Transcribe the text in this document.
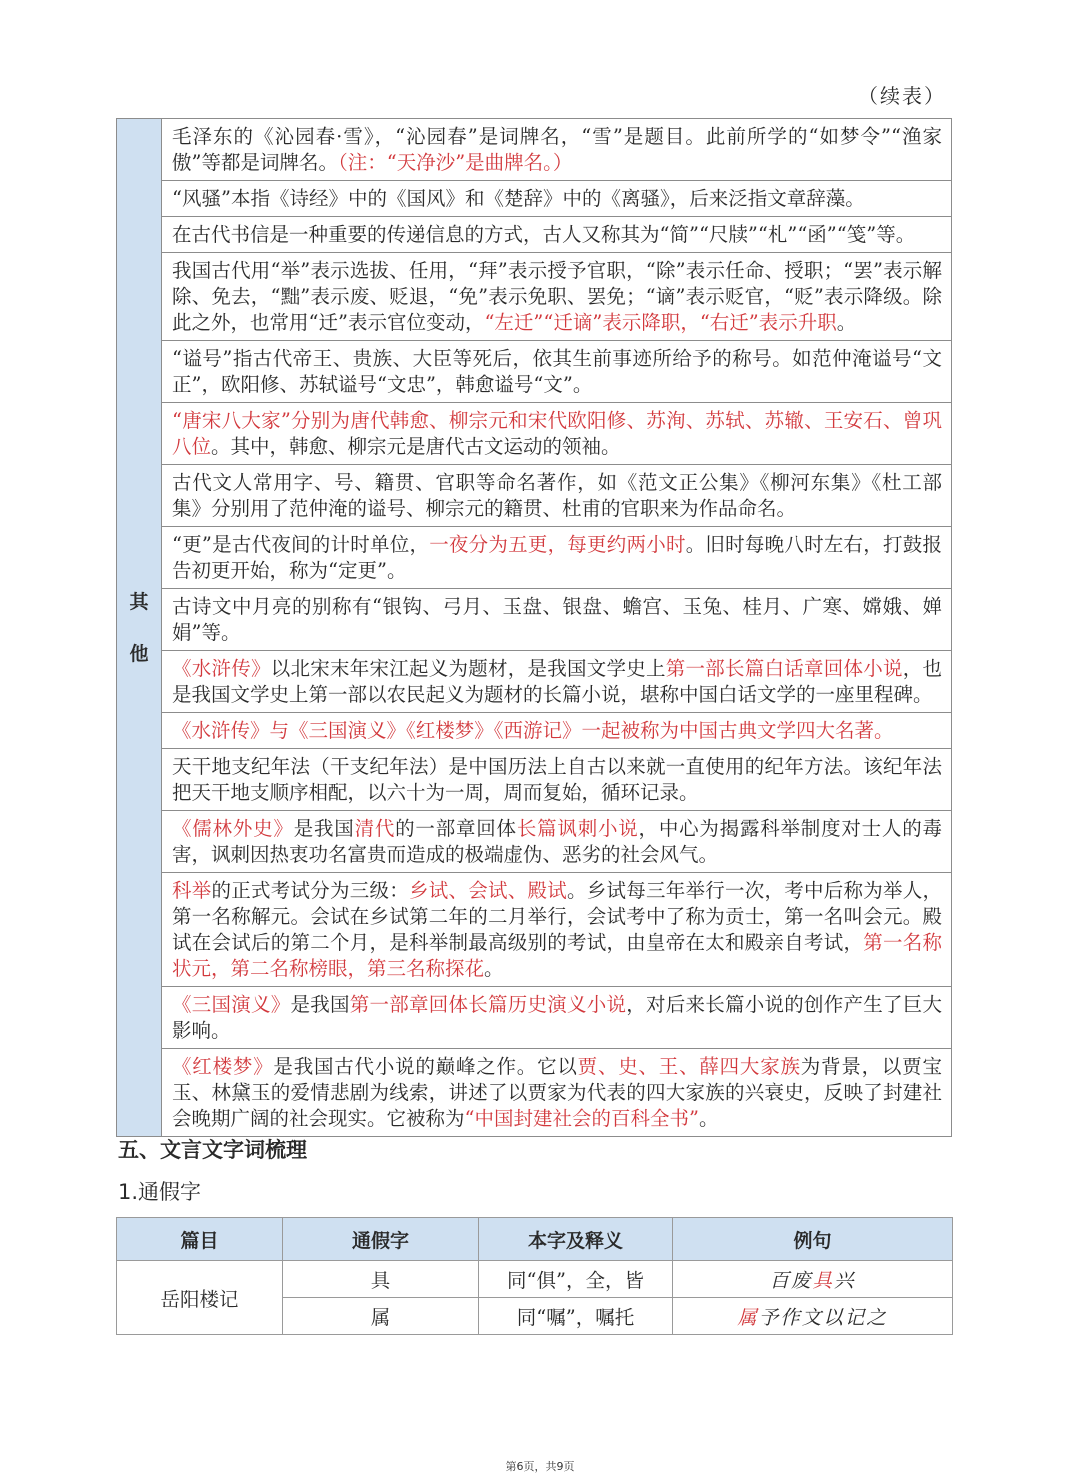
（续表）
其
他
	毛泽东的《沁园春·雪》，“沁园春”是词牌名，“雪”是题目。此前所学的“如梦令”“渔家傲”等都是词牌名。（注：“天净沙”是曲牌名。）
“风骚”本指《诗经》中的《国风》和《楚辞》中的《离骚》，后来泛指文章辞藻。
在古代书信是一种重要的传递信息的方式，古人又称其为“简”“尺牍”“札”“函”“笺”等。
我国古代用“举”表示选拔、任用，“拜”表示授予官职，“除”表示任命、授职；“罢”表示解除、免去，“黜”表示废、贬退，“免”表示免职、罢免；“谪”表示贬官，“贬”表示降级。除此之外，也常用“迁”表示官位变动，“左迁”“迁谪”表示降职，“右迁”表示升职。
“谥号”指古代帝王、贵族、大臣等死后，依其生前事迹所给予的称号。如范仲淹谥号“文正”，欧阳修、苏轼谥号“文忠”，韩愈谥号“文”。
“唐宋八大家”分别为唐代韩愈、柳宗元和宋代欧阳修、苏洵、苏轼、苏辙、王安石、曾巩八位。其中，韩愈、柳宗元是唐代古文运动的领袖。
古代文人常用字、号、籍贯、官职等命名著作，如《范文正公集》《柳河东集》《杜工部集》分别用了范仲淹的谥号、柳宗元的籍贯、杜甫的官职来为作品命名。
“更”是古代夜间的计时单位，一夜分为五更，每更约两小时。旧时每晚八时左右，打鼓报告初更开始，称为“定更”。
古诗文中月亮的别称有“银钩、弓月、玉盘、银盘、蟾宫、玉兔、桂月、广寒、嫦娥、婵娟”等。
《水浒传》以北宋末年宋江起义为题材，是我国文学史上第一部长篇白话章回体小说，也是我国文学史上第一部以农民起义为题材的长篇小说，堪称中国白话文学的一座里程碑。
《水浒传》与《三国演义》《红楼梦》《西游记》一起被称为中国古典文学四大名著。
天干地支纪年法（干支纪年法）是中国历法上自古以来就一直使用的纪年方法。该纪年法把天干地支顺序相配，以六十为一周，周而复始，循环记录。
《儒林外史》是我国清代的一部章回体长篇讽刺小说，中心为揭露科举制度对士人的毒害，讽刺因热衷功名富贵而造成的极端虚伪、恶劣的社会风气。
科举的正式考试分为三级：乡试、会试、殿试。乡试每三年举行一次，考中后称为举人，第一名称解元。会试在乡试第二年的二月举行，会试考中了称为贡士，第一名叫会元。殿试在会试后的第二个月，是科举制最高级别的考试，由皇帝在太和殿亲自考试，第一名称状元，第二名称榜眼，第三名称探花。
《三国演义》是我国第一部章回体长篇历史演义小说，对后来长篇小说的创作产生了巨大影响。
《红楼梦》是我国古代小说的巅峰之作。它以贾、史、王、薛四大家族为背景，以贾宝玉、林黛玉的爱情悲剧为线索，讲述了以贾家为代表的四大家族的兴衰史，反映了封建社会晚期广阔的社会现实。它被称为“中国封建社会的百科全书”。
五、文言文字词梳理
1.通假字
篇目	通假字	本字及释义	例句
岳阳楼记	具	同“俱”，全，皆	百废具兴
	属	同“嘱”，嘱托	属予作文以记之
第6页，共9页
